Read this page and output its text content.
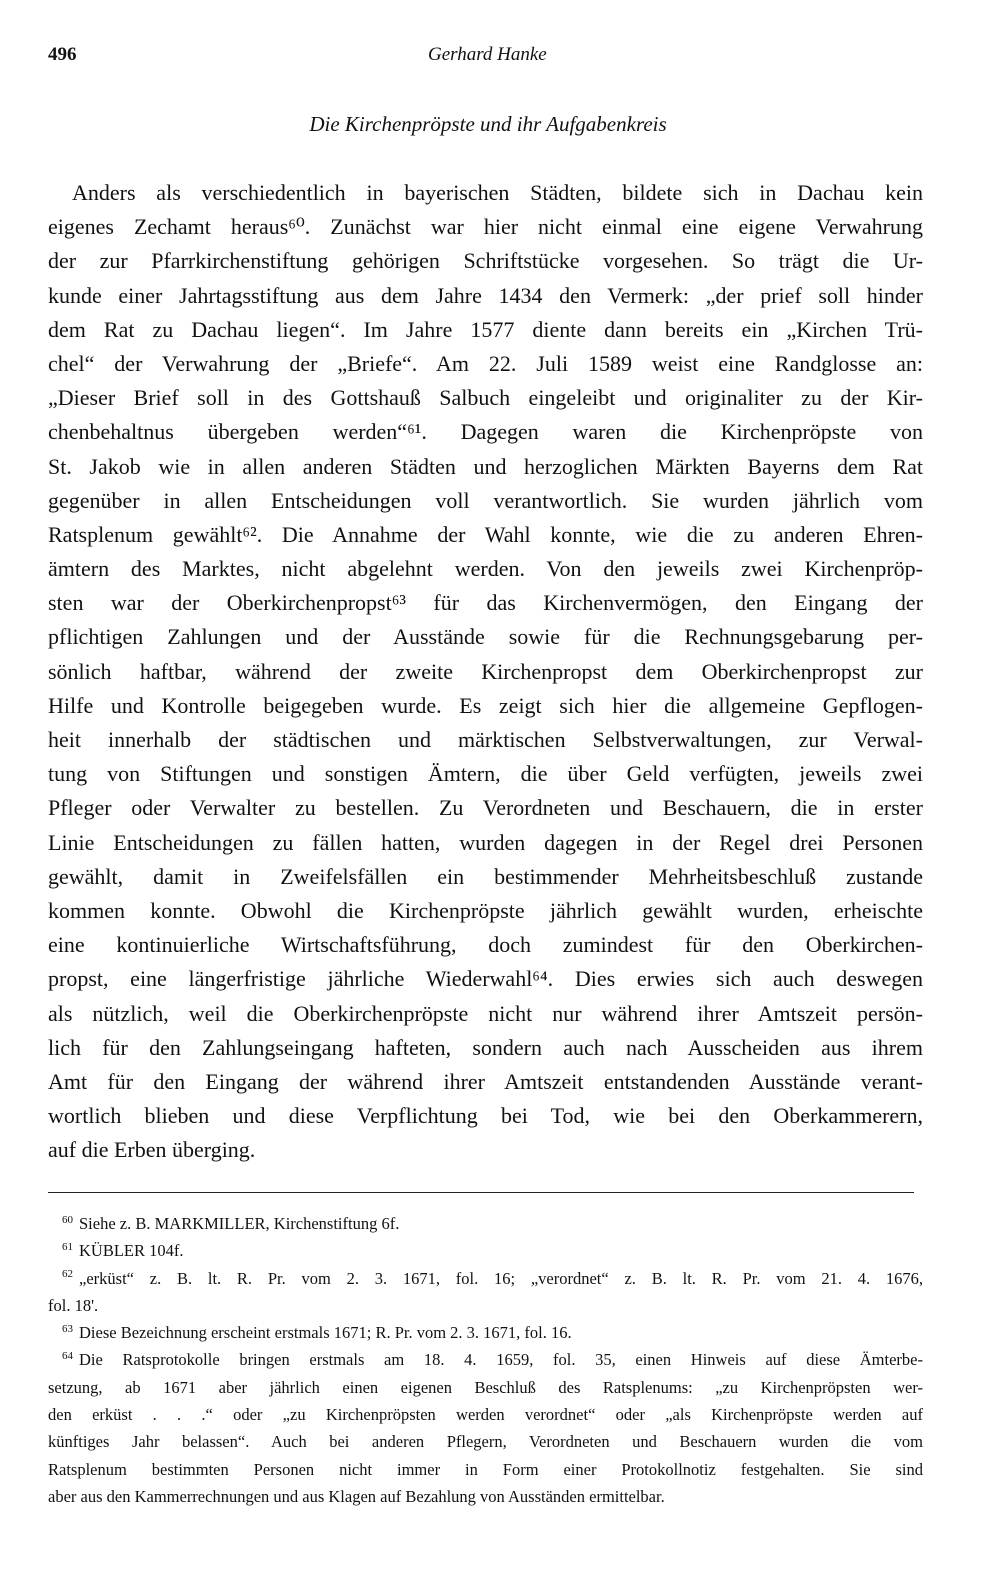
496	Gerhard Hanke
Die Kirchenpröpste und ihr Aufgabenkreis
Anders als verschiedentlich in bayerischen Städten, bildete sich in Dachau kein
eigenes Zechamt heraus⁶⁰. Zunächst war hier nicht einmal eine eigene Verwahrung
der zur Pfarrkirchenstiftung gehörigen Schriftstücke vorgesehen. So trägt die Ur-
kunde einer Jahrtagsstiftung aus dem Jahre 1434 den Vermerk: „der prief soll hinder
dem Rat zu Dachau liegen“. Im Jahre 1577 diente dann bereits ein „Kirchen Trü-
chel“ der Verwahrung der „Briefe“. Am 22. Juli 1589 weist eine Randglosse an:
„Dieser Brief soll in des Gottshauß Salbuch eingeleibt und originaliter zu der Kir-
chenbehaltnus übergeben werden“⁶¹. Dagegen waren die Kirchenpröpste von
St. Jakob wie in allen anderen Städten und herzoglichen Märkten Bayerns dem Rat
gegenüber in allen Entscheidungen voll verantwortlich. Sie wurden jährlich vom
Ratsplenum gewählt⁶². Die Annahme der Wahl konnte, wie die zu anderen Ehren-
ämtern des Marktes, nicht abgelehnt werden. Von den jeweils zwei Kirchenpröp-
sten war der Oberkirchenpropst⁶³ für das Kirchenvermögen, den Eingang der
pflichtigen Zahlungen und der Ausstände sowie für die Rechnungsgebarung per-
sönlich haftbar, während der zweite Kirchenpropst dem Oberkirchenpropst zur
Hilfe und Kontrolle beigegeben wurde. Es zeigt sich hier die allgemeine Gepflogen-
heit innerhalb der städtischen und märktischen Selbstverwaltungen, zur Verwal-
tung von Stiftungen und sonstigen Ämtern, die über Geld verfügten, jeweils zwei
Pfleger oder Verwalter zu bestellen. Zu Verordneten und Beschauern, die in erster
Linie Entscheidungen zu fällen hatten, wurden dagegen in der Regel drei Personen
gewählt, damit in Zweifelsfällen ein bestimmender Mehrheitsbeschluß zustande
kommen konnte. Obwohl die Kirchenpröpste jährlich gewählt wurden, erheischte
eine kontinuierliche Wirtschaftsführung, doch zumindest für den Oberkirchen-
propst, eine längerfristige jährliche Wiederwahl⁶⁴. Dies erwies sich auch deswegen
als nützlich, weil die Oberkirchenpröpste nicht nur während ihrer Amtszeit persön-
lich für den Zahlungseingang hafteten, sondern auch nach Ausscheiden aus ihrem
Amt für den Eingang der während ihrer Amtszeit entstandenden Ausstände verant-
wortlich blieben und diese Verpflichtung bei Tod, wie bei den Oberkammerern,
auf die Erben überging.
$^{60}$ Siehe z. B. MARKMILLER, Kirchenstiftung 6f.
$^{61}$ KÜBLER 104f.
$^{62}$ „erküst“ z. B. lt. R. Pr. vom 2. 3. 1671, fol. 16; „verordnet“ z. B. lt. R. Pr. vom 21. 4. 1676,
fol. 18'.
$^{63}$ Diese Bezeichnung erscheint erstmals 1671; R. Pr. vom 2. 3. 1671, fol. 16.
$^{64}$ Die Ratsprotokolle bringen erstmals am 18. 4. 1659, fol. 35, einen Hinweis auf diese Ämterbe-
setzung, ab 1671 aber jährlich einen eigenen Beschluß des Ratsplenums: „zu Kirchenpröpsten wer-
den erküst . . .“ oder „zu Kirchenpröpsten werden verordnet“ oder „als Kirchenpröpste werden auf
künftiges Jahr belassen“. Auch bei anderen Pflegern, Verordneten und Beschauern wurden die vom
Ratsplenum bestimmten Personen nicht immer in Form einer Protokollnotiz festgehalten. Sie sind
aber aus den Kammerrechnungen und aus Klagen auf Bezahlung von Ausständen ermittelbar.
